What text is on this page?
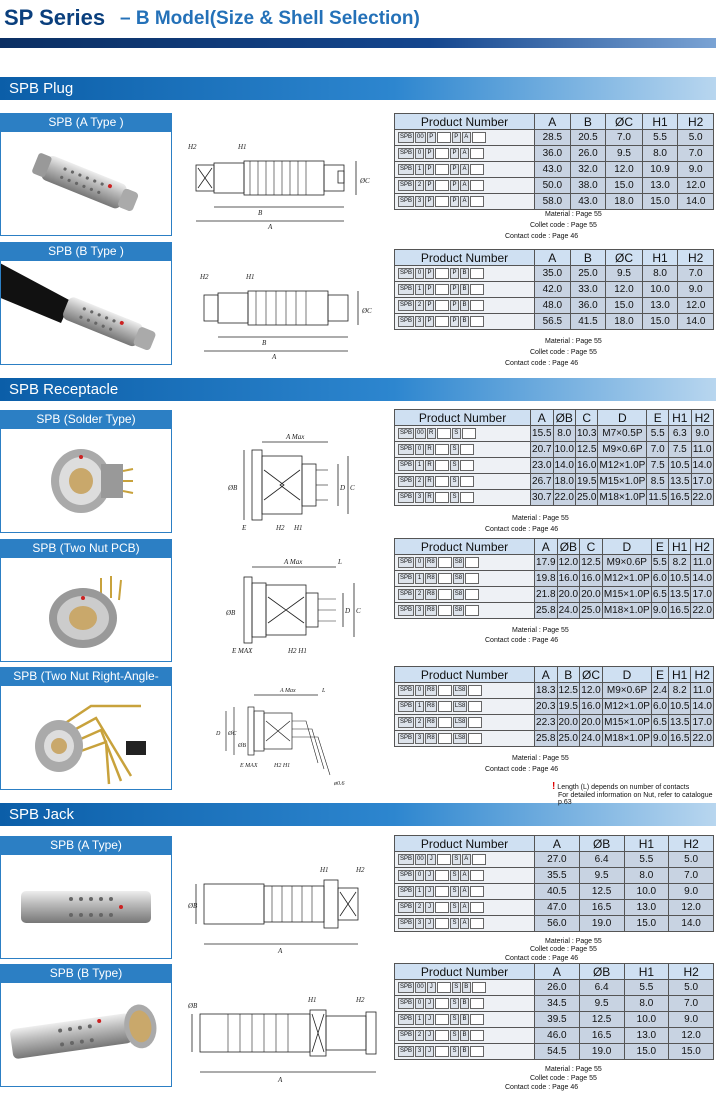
SP Series – B Model(Size & Shell Selection)
SPB Plug
SPB Receptacle
SPB Jack
SPB (A Type )
SPB (B Type )
SPB (Solder Type)
SPB (Two Nut PCB)
SPB (Two Nut Right-Angle-
SPB (A Type)
SPB (B Type)
H2	H1
B
A
ØC
H2	H1
B
A
ØC
A Max
ØB	D C
E	H2 H1
A Max	L
ØB	D C
E MAX	H2 H1
A Max	L
D ØC
ØB
E MAX	H2 H1
ø0.6
ØB
A
H1	H2
ØB
A
H1	H2
Product Number	A	B	ØC	H1	H2
SPB 00 P P A	28.5	20.5	7.0	5.5	5.0
SPB 0 P P A	36.0	26.0	9.5	8.0	7.0
SPB 1 P P A	43.0	32.0	12.0	10.9	9.0
SPB 2 P P A	50.0	38.0	15.0	13.0	12.0
SPB 3 P P A	58.0	43.0	18.0	15.0	14.0
Product Number	A	B	ØC	H1	H2
SPB 0 P P B	35.0	25.0	9.5	8.0	7.0
SPB 1 P P B	42.0	33.0	12.0	10.0	9.0
SPB 2 P P B	48.0	36.0	15.0	13.0	12.0
SPB 3 P P B	56.5	41.5	18.0	15.0	14.0
Product Number	A	ØB	C	D	E	H1	H2
SPB 00 R S	15.5	8.0	10.3	M7×0.5P	5.5	6.3	9.0
SPB 0 R S	20.7	10.0	12.5	M9×0.6P	7.0	7.5	11.0
SPB 1 R S	23.0	14.0	16.0	M12×1.0P	7.5	10.5	14.0
SPB 2 R S	26.7	18.0	19.5	M15×1.0P	8.5	13.5	17.0
SPB 3 R S	30.7	22.0	25.0	M18×1.0P	11.5	16.5	22.0
Product Number	A	ØB	C	D	E	H1	H2
SPB 0 R8 S8	17.9	12.0	12.5	M9×0.6P	5.5	8.2	11.0
SPB 1 R8 S8	19.8	16.0	16.0	M12×1.0P	6.0	10.5	14.0
SPB 2 R8 S8	21.8	20.0	20.0	M15×1.0P	6.5	13.5	17.0
SPB 3 R8 S8	25.8	24.0	25.0	M18×1.0P	9.0	16.5	22.0
Product Number	A	B	ØC	D	E	H1	H2
SPB 0 R8 LS8	18.3	12.5	12.0	M9×0.6P	2.4	8.2	11.0
SPB 1 R8 LS8	20.3	19.5	16.0	M12×1.0P	6.0	10.5	14.0
SPB 2 R8 LS8	22.3	20.0	20.0	M15×1.0P	6.5	13.5	17.0
SPB 3 R8 LS8	25.8	25.0	24.0	M18×1.0P	9.0	16.5	22.0
Product Number	A	ØB	H1	H2
SPB 00 J S A	27.0	6.4	5.5	5.0
SPB 0 J S A	35.5	9.5	8.0	7.0
SPB 1 J S A	40.5	12.5	10.0	9.0
SPB 2 J S A	47.0	16.5	13.0	12.0
SPB 3 J S A	56.0	19.0	15.0	14.0
Product Number	A	ØB	H1	H2
SPB 00 J S B	26.0	6.4	5.5	5.0
SPB 0 J S B	34.5	9.5	8.0	7.0
SPB 1 J S B	39.5	12.5	10.0	9.0
SPB 2 J S B	46.0	16.5	13.0	12.0
SPB 3 J S B	54.5	19.0	15.0	15.0
Material : Page 55
Collet code : Page 55
Contact code : Page 46
Material : Page 55
Collet code : Page 55
Contact code : Page 46
Material : Page 55
Contact code : Page 46
Material : Page 55
Contact code : Page 46
Material : Page 55
Contact code : Page 46
! Length (L) depends on number of contacts
For detailed information on Nut, refer to catalogue p.63
Material : Page 55
Collet code : Page 55
Contact code : Page 46
Material : Page 55
Collet code : Page 55
Contact code : Page 46
